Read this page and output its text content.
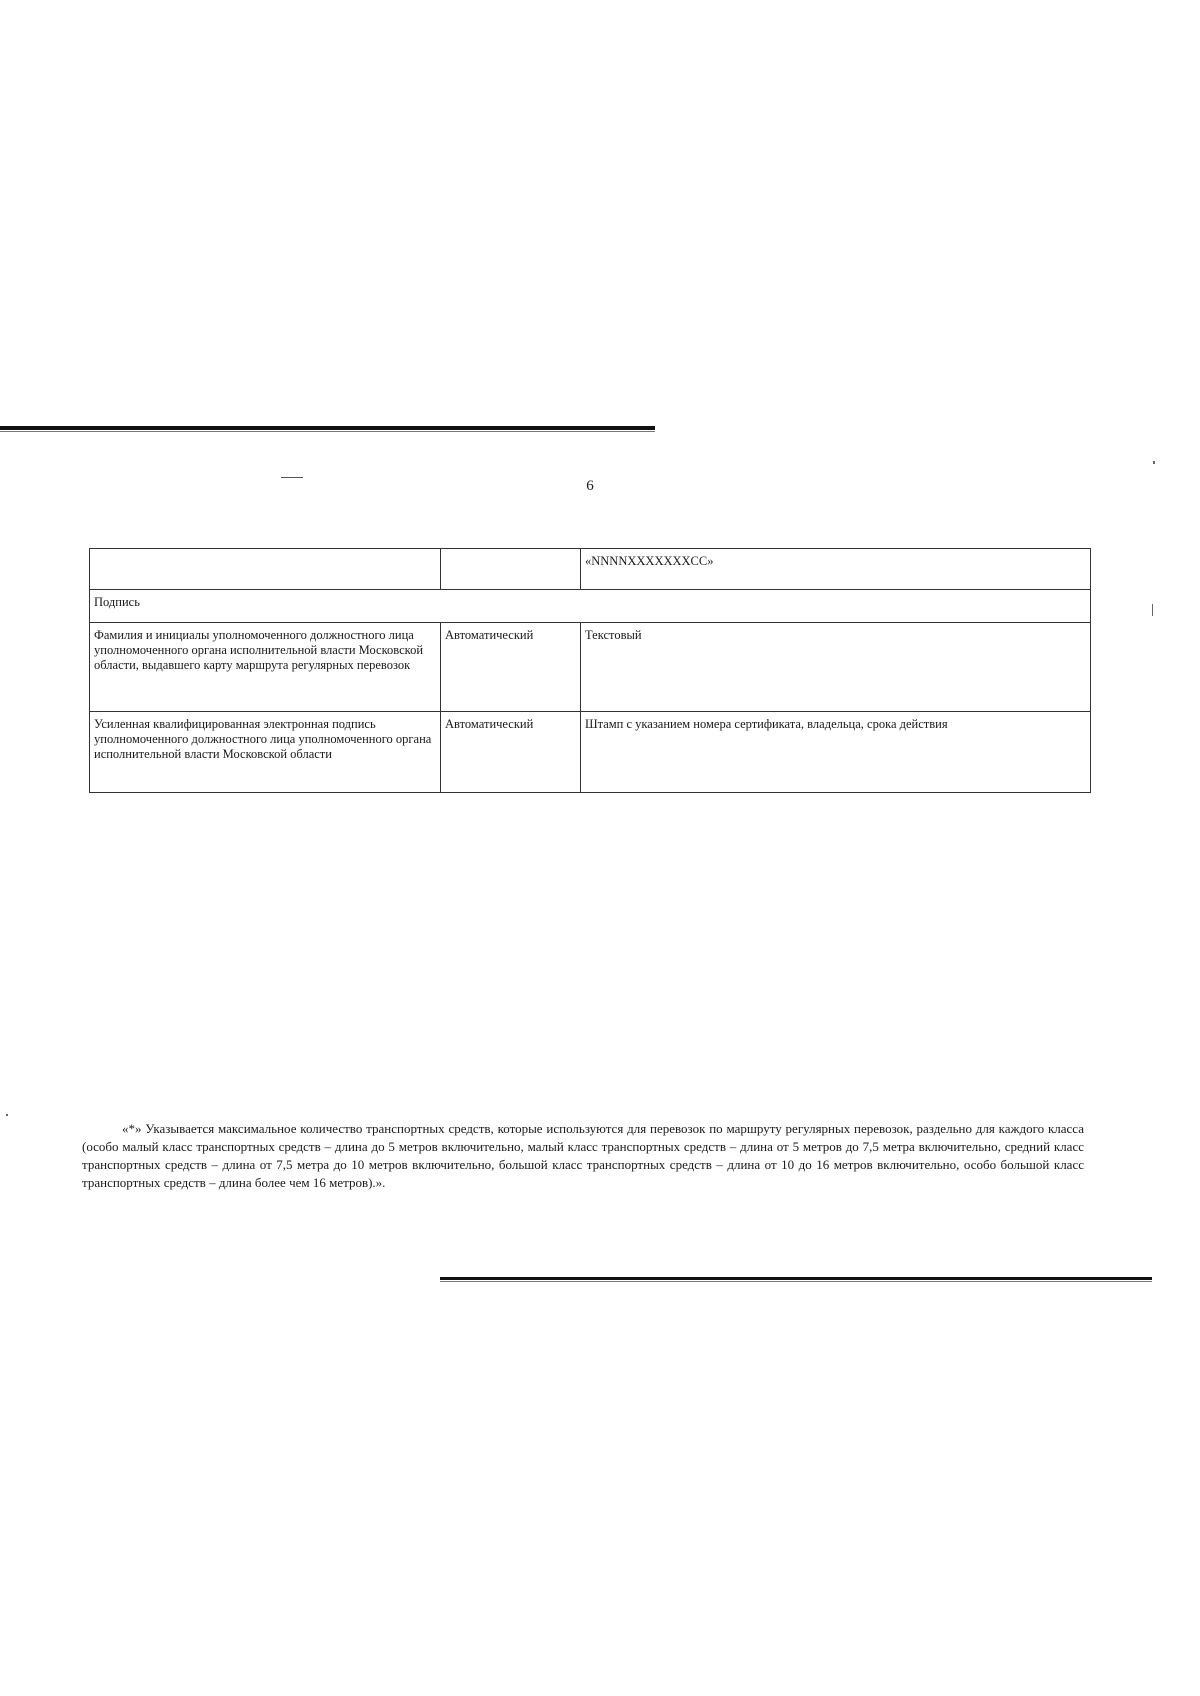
6
		«NNNNXXXXXXXCC»
Подпись		
Фамилия и инициалы уполномоченного должностного лица уполномоченного органа исполнительной власти Московской области, выдавшего карту маршрута регулярных перевозок	Автоматический	Текстовый
Усиленная квалифицированная электронная подпись уполномоченного должностного лица уполномоченного органа исполнительной власти Московской области	Автоматический	Штамп с указанием номера сертификата, владельца, срока действия

«*» Указывается максимальное количество транспортных средств, которые используются для перевозок по маршруту регулярных перевозок, раздельно для каждого класса (особо малый класс транспортных средств – длина до 5 метров включительно, малый класс транспортных средств – длина от 5 метров до 7,5 метра включительно, средний класс транспортных средств – длина от 7,5 метра до 10 метров включительно, большой класс транспортных средств – длина от 10 до 16 метров включительно, особо большой класс транспортных средств – длина более чем 16 метров).».
